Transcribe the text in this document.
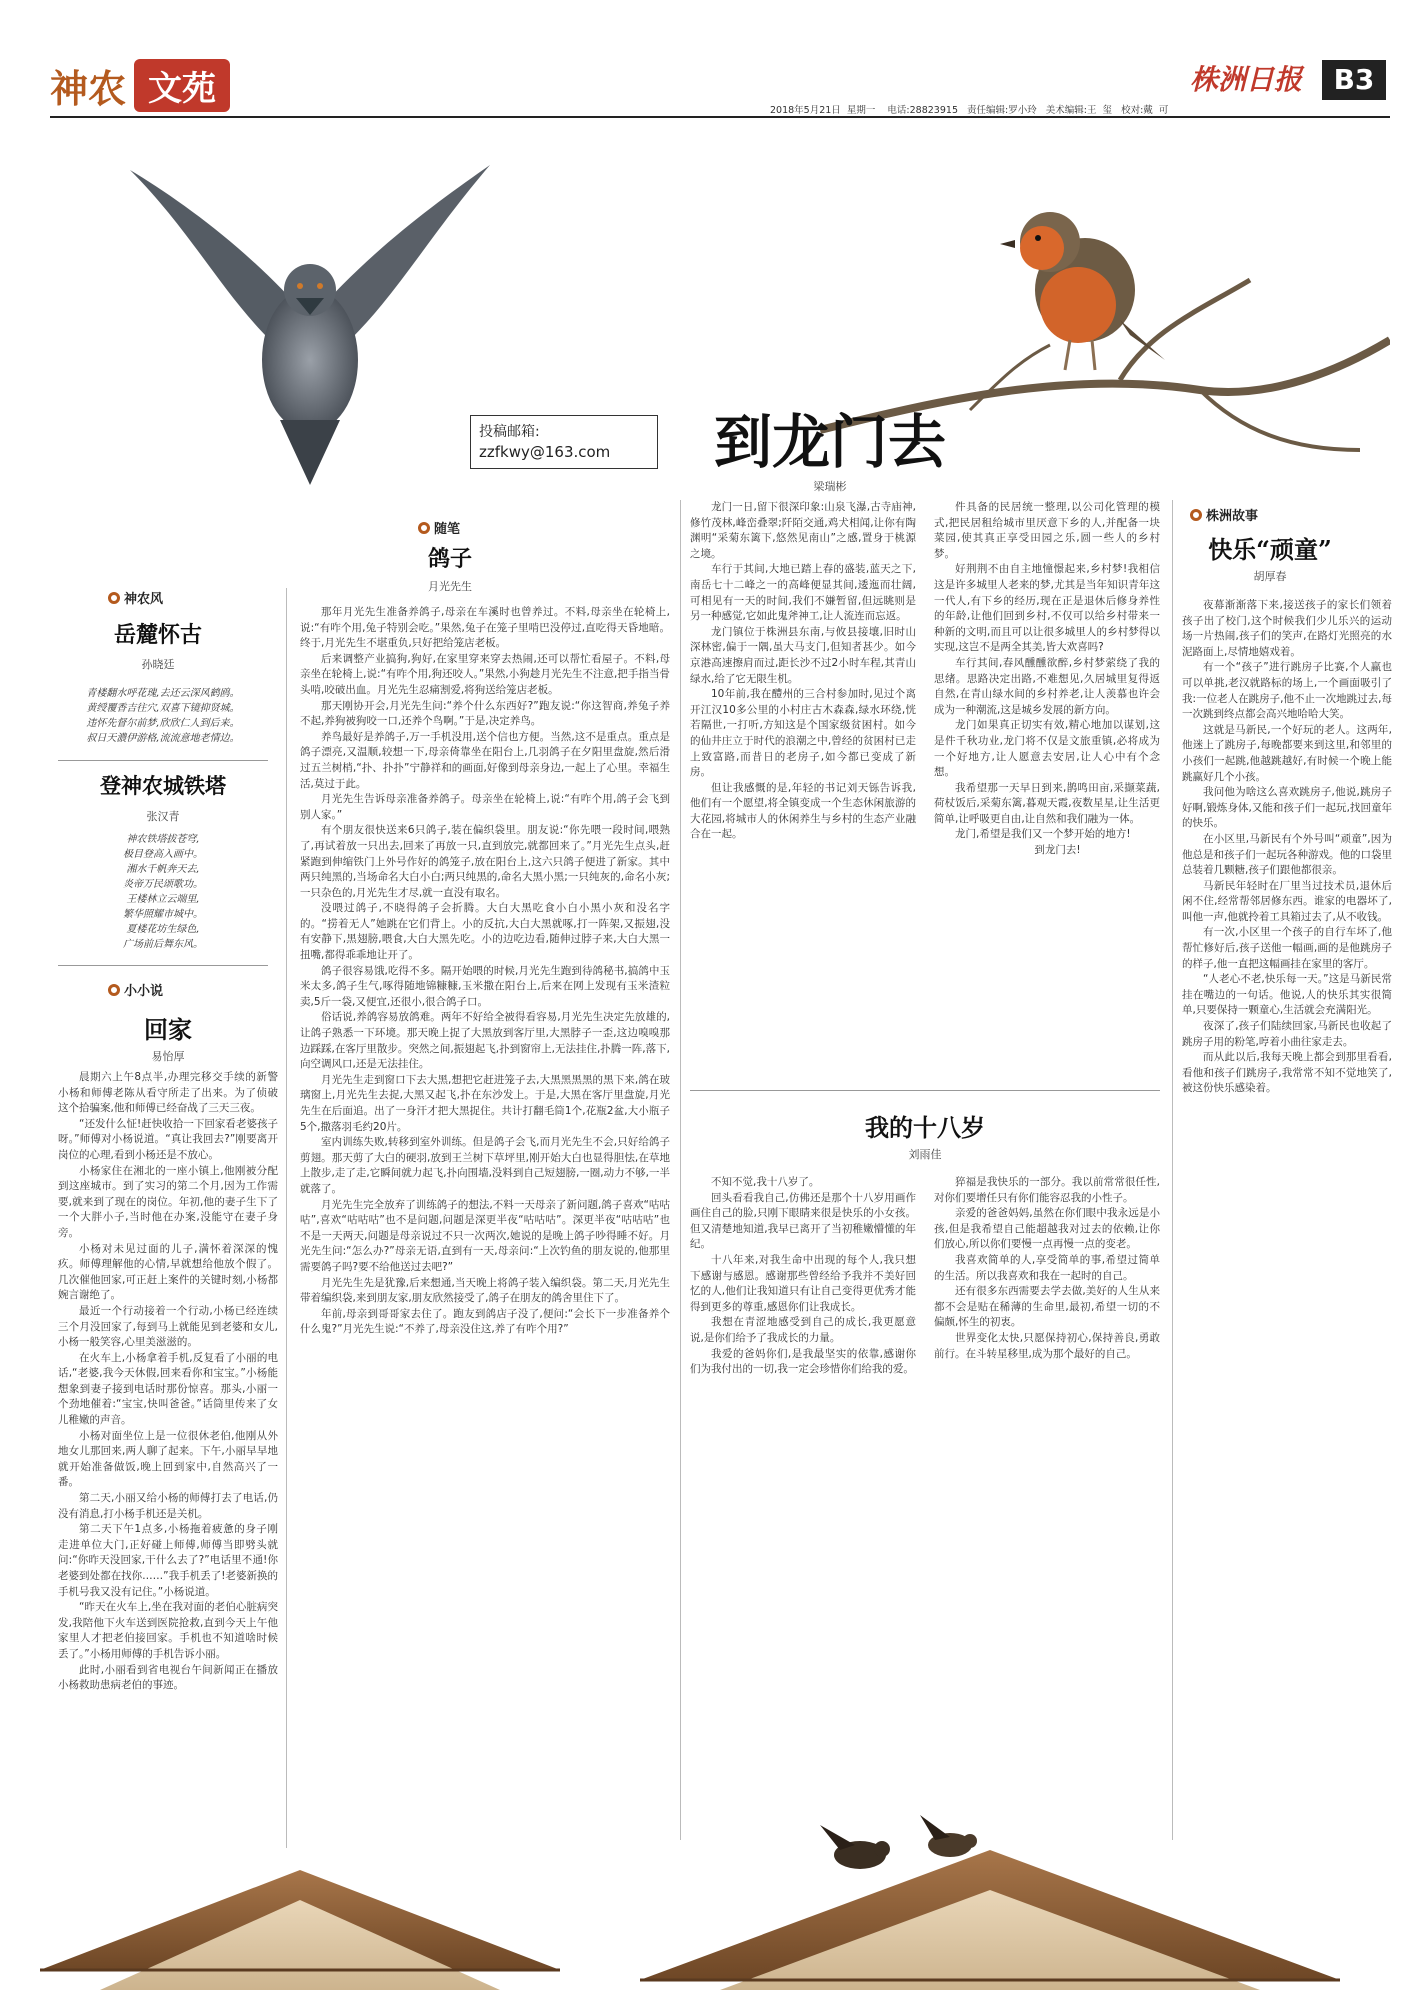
神农 文苑	株洲日报	B3
2018年5月21日  星期一    电话:28823915   责任编辑:罗小玲   美术编辑:王  玺   校对:戴  可
投稿邮箱:
zzfkwy@163.com	到龙门去
梁瑞彬
神农风
岳麓怀古
孙晓廷
青楼翻水呼花瑰,去还云深风鹤鸥。
黄绶覆香吉往穴,双喜下镜抑贤城。
违怀先督尔前梦,欣欣仁人到后来。
叔日天濃伊游格,流流意地老情边。
登神农城铁塔
张汉青
神农铁塔拔苍穹,
极目登高入画中。
湘水千帆奔天去,
炎帝万民颂歌功。
王楼林立云端里,
繁华照耀市城中。
夏楼花坊生绿色,
广场前后舞东风。
小小说
回家
易怡厚

晨期六上午8点半,办理完移交手续的新警小杨和师傅老陈从看守所走了出来。为了侦破这个拾骗案,他和师傅已经奋战了三天三夜。

“还发什么怔!赶快收拾一下回家看老婆孩子呀。”师傅对小杨说道。“真让我回去?”刚要离开岗位的心理,看到小杨还是不放心。

小杨家住在湘北的一座小镇上,他刚被分配到这座城市。到了实习的第二个月,因为工作需要,就来到了现在的岗位。年初,他的妻子生下了一个大胖小子,当时他在办案,没能守在妻子身旁。

小杨对未见过面的儿子,满怀着深深的愧疚。师傅理解他的心情,早就想给他放个假了。几次催他回家,可正赶上案件的关键时刻,小杨都婉言谢绝了。

最近一个行动接着一个行动,小杨已经连续三个月没回家了,每到马上就能见到老婆和女儿,小杨一般笑容,心里美滋滋的。

在火车上,小杨拿着手机,反复看了小丽的电话,“老婆,我今天休假,回来看你和宝宝。”小杨能想象到妻子接到电话时那份惊喜。那头,小丽一个劲地催着:“宝宝,快叫爸爸。”话筒里传来了女儿稚嫩的声音。

小杨对面坐位上是一位很休老伯,他刚从外地女儿那回来,两人聊了起来。下午,小丽早早地就开始准备做饭,晚上回到家中,自然高兴了一番。

第二天,小丽又给小杨的师傅打去了电话,仍没有消息,打小杨手机还是关机。

第二天下午1点多,小杨拖着疲惫的身子刚走进单位大门,正好碰上师傅,师傅当即劈头就问:“你昨天没回家,干什么去了?”电话里不通!你老婆到处都在找你……”我手机丢了!老婆新换的手机号我又没有记住。”小杨说道。

“昨天在火车上,坐在我对面的老伯心脏病突发,我陪他下火车送到医院抢救,直到今天上午他家里人才把老伯接回家。手机也不知道啥时候丢了。”小杨用师傅的手机告诉小丽。

此时,小丽看到省电视台午间新闻正在播放小杨救助患病老伯的事迹。

随笔
鸽子
月光先生

那年月光先生准备养鸽子,母亲在车溪时也曾养过。不料,母亲坐在轮椅上,说:“有咋个用,兔子特别会吃。”果然,兔子在笼子里啃巴没停过,直吃得天昏地暗。终于,月光先生不堪重负,只好把给笼店老板。

后来调整产业搞狗,狗好,在家里穿来穿去热闹,还可以帮忙看屋子。不料,母亲坐在轮椅上,说:“有咋个用,狗还咬人。”果然,小狗趁月光先生不注意,把手指当骨头啃,咬破出血。月光先生忍痛割爱,将狗送给笼店老板。

那天刚协开会,月光先生问:“养个什么东西好?”跑友说:“你这智商,养兔子养不起,养狗被狗咬一口,还养个鸟啊。”于是,决定养鸟。

养鸟最好是养鸽子,万一手机没用,送个信也方便。当然,这不是重点。重点是鸽子漂亮,又温顺,较想一下,母亲倚靠坐在阳台上,几羽鸽子在夕阳里盘旋,然后滑过五兰树梢,“扑、扑扑”宁静祥和的画面,好像到母亲身边,一起上了心里。幸福生活,莫过于此。

月光先生告诉母亲准备养鸽子。母亲坐在轮椅上,说:“有咋个用,鸽子会飞到别人家。”

有个朋友很快送来6只鸽子,装在偏织袋里。朋友说:“你先喂一段时间,喂熟了,再试着放一只出去,回来了再放一只,直到放完,就都回来了。”月光先生点头,赶紧跑到伸缩铁门上外号作好的鸽笼子,放在阳台上,这六只鸽子便进了新家。其中两只纯黑的,当场命名大白小白;两只纯黑的,命名大黑小黑;一只纯灰的,命名小灰;一只杂色的,月光先生才尽,就一直没有取名。

没喂过鸽子,不晓得鸽子会折腾。大白大黑吃食小白小黑小灰和没名字的。“捞着无人”她跳在它们背上。小的反抗,大白大黑就啄,打一阵架,又振翅,没有安静下,黑翅膀,喂食,大白大黑先吃。小的边吃边看,随伸过脖子来,大白大黑一扭嘴,都得乖乖地让开了。

鸽子很容易饿,吃得不多。隔开始喂的时候,月光先生跑到待鸽秘书,搞鸽中玉米太多,鸽子生气,啄得随地锦糠糠,玉米撒在阳台上,后来在网上发现有玉米渣粒卖,5斤一袋,又便宜,还很小,很合鸽子口。

俗话说,养鸽容易放鸽难。两年不好给全被得看容易,月光先生决定先放雄的,让鸽子熟悉一下环境。那天晚上捉了大黑放到客厅里,大黑脖子一歪,这边嗅嗅那边踩踩,在客厅里散步。突然之间,振翅起飞,扑到窗帘上,无法挂住,扑腾一阵,落下,向空调风口,还是无法挂住。

月光先生走到窗口下去大黑,想把它赶进笼子去,大黑黑黑黑的黑下来,鸽在玻璃窗上,月光先生去捉,大黑又起飞,扑在东沙发上。于是,大黑在客厅里盘旋,月光先生在后面追。出了一身汗才把大黑捉住。共计打翻毛筒1个,花瓶2盆,大小瓶子5个,撒落羽毛约20片。

室内训练失败,转移到室外训练。但是鸽子会飞,而月光先生不会,只好给鸽子剪翅。那天剪了大白的硬羽,放到王兰树下草坪里,刚开始大白也显得胆怯,在草地上散步,走了走,它瞬间就力起飞,扑向围墙,没料到自己短翅膀,一圈,动力不够,一半就落了。

月光先生完全放弃了训练鸽子的想法,不料一天母亲了新问题,鸽子喜欢“咕咕咕”,喜欢“咕咕咕”也不是问题,问题是深更半夜“咕咕咕”。深更半夜“咕咕咕”也不是一天两天,问题是母亲说过不只一次两次,她说的是晚上鸽子吵得睡不好。月光先生问:“怎么办?”母亲无语,直到有一天,母亲问:“上次钓鱼的朋友说的,他那里需要鸽子吗?要不给他送过去吧?”

月光先生先是犹豫,后来想通,当天晚上将鸽子装入编织袋。第二天,月光先生带着编织袋,来到朋友家,朋友欣然接受了,鸽子在朋友的鸽舍里住下了。

年前,母亲到哥哥家去住了。跑友到鸽店子没了,便问:“会长下一步准备养个什么鬼?”月光先生说:“不养了,母亲没住这,养了有咋个用?”

龙门一日,留下很深印象:山泉飞瀑,古寺庙神,修竹茂林,峰峦叠翠;阡陌交通,鸡犬相闻,让你有陶渊明“采菊东篱下,悠然见南山”之感,置身于桃源之境。

车行于其间,大地已踏上春的盛装,蓝天之下,南岳七十二峰之一的高峰便显其间,逶迤而壮阔,可相见有一天的时间,我们不嫌暂留,但远眺则是另一种感觉,它如此鬼斧神工,让人流连而忘返。

龙门镇位于株洲县东南,与攸县接壤,旧时山深林密,偏于一隅,虽大马支门,但知者甚少。如今京港高速擦肩而过,距长沙不过2小时车程,其青山绿水,给了它无限生机。

10年前,我在醴州的三合村参加时,见过个离开江汉10多公里的小村庄古木森森,绿水环绕,恍若隔世,一打听,方知这是个国家级贫困村。如今的仙井庄立于时代的浪潮之中,曾经的贫困村已走上致富路,而昔日的老房子,如今都已变成了新房。

但让我感慨的是,年轻的书记刘天铄告诉我,他们有一个愿望,将全镇变成一个生态休闲旅游的大花园,将城市人的休闲养生与乡村的生态产业融合在一起。

件具备的民居统一整理,以公司化管理的模式,把民居租给城市里厌意下乡的人,并配备一块菜园,使其真正享受田园之乐,圆一些人的乡村梦。

好荆荆不由自主地憧憬起来,乡村梦!我相信这是许多城里人老来的梦,尤其是当年知识青年这一代人,有下乡的经历,现在正是退休后修身养性的年龄,让他们回到乡村,不仅可以给乡村带来一种新的文明,而且可以让很多城里人的乡村梦得以实现,这岂不是两全其美,皆大欢喜吗?

车行其间,春风醺醺欲醉,乡村梦萦绕了我的思绪。思路决定出路,不难想见,久居城里复得返自然,在青山绿水间的乡村养老,让人羡慕也许会成为一种潮流,这是城乡发展的新方向。

龙门如果真正切实有效,精心地加以谋划,这是件千秋功业,龙门将不仅是文旅重镇,必将成为一个好地方,让人愿意去安居,让人心中有个念想。

我希望那一天早日到来,鹊鸣田亩,采撷菜蔬,荷杖饭后,采菊东篱,暮观天霞,夜数星星,让生活更简单,让呼吸更自由,让自然和我们融为一体。

龙门,希望是我们又一个梦开始的地方!

到龙门去!

我的十八岁
刘雨佳

不知不觉,我十八岁了。

回头看看我自己,仿佛还是那个十八岁用画作画住自己的脸,只刚下眼睛来很是快乐的小女孩。但又清楚地知道,我早已离开了当初稚嫩懵懂的年纪。

十八年来,对我生命中出现的每个人,我只想下感谢与感恩。感谢那些曾经给予我并不美好回忆的人,他们让我知道只有让自己变得更优秀才能得到更多的尊重,感恩你们让我成长。

我想在青涩地感受到自己的成长,我更愿意说,是你们给予了我成长的力量。

我爱的爸妈你们,是我最坚实的依靠,感谢你们为我付出的一切,我一定会珍惜你们给我的爱。

猝福是我快乐的一部分。我以前常常很任性,对你们要增任只有你们能容忍我的小性子。

亲爱的爸爸妈妈,虽然在你们眼中我永远是小孩,但是我希望自己能超越我对过去的依赖,让你们放心,所以你们要慢一点再慢一点的变老。

我喜欢简单的人,享受简单的事,希望过简单的生活。所以我喜欢和我在一起时的自己。

还有很多东西需要去学去做,美好的人生从来都不会是贴在稀薄的生命里,最初,希望一切的不偏颇,怀生的初衷。

世界变化太快,只愿保持初心,保持善良,勇敢前行。在斗转星移里,成为那个最好的自己。

株洲故事
快乐“顽童”
胡厚春

夜幕渐渐落下来,接送孩子的家长们领着孩子出了校门,这个时候我们少儿乐兴的运动场一片热闹,孩子们的笑声,在路灯光照亮的水泥路面上,尽情地嬉戏着。

有一个“孩子”进行跳房子比赛,个人赢也可以单挑,老汉就路标的场上,一个画面吸引了我:一位老人在跳房子,他不止一次地跳过去,每一次跳到终点都会高兴地哈哈大笑。

这就是马新民,一个好玩的老人。这两年,他迷上了跳房子,每晚都要来到这里,和邻里的小孩们一起跳,他越跳越好,有时候一个晚上能跳赢好几个小孩。

我问他为啥这么喜欢跳房子,他说,跳房子好啊,锻炼身体,又能和孩子们一起玩,找回童年的快乐。

在小区里,马新民有个外号叫“顽童”,因为他总是和孩子们一起玩各种游戏。他的口袋里总装着几颗糖,孩子们跟他都很亲。

马新民年轻时在厂里当过技术员,退休后闲不住,经常帮邻居修东西。谁家的电器坏了,叫他一声,他就拎着工具箱过去了,从不收钱。

有一次,小区里一个孩子的自行车坏了,他帮忙修好后,孩子送他一幅画,画的是他跳房子的样子,他一直把这幅画挂在家里的客厅。

“人老心不老,快乐每一天。”这是马新民常挂在嘴边的一句话。他说,人的快乐其实很简单,只要保持一颗童心,生活就会充满阳光。

夜深了,孩子们陆续回家,马新民也收起了跳房子用的粉笔,哼着小曲往家走去。

而从此以后,我每天晚上都会到那里看看,看他和孩子们跳房子,我常常不知不觉地笑了,被这份快乐感染着。
